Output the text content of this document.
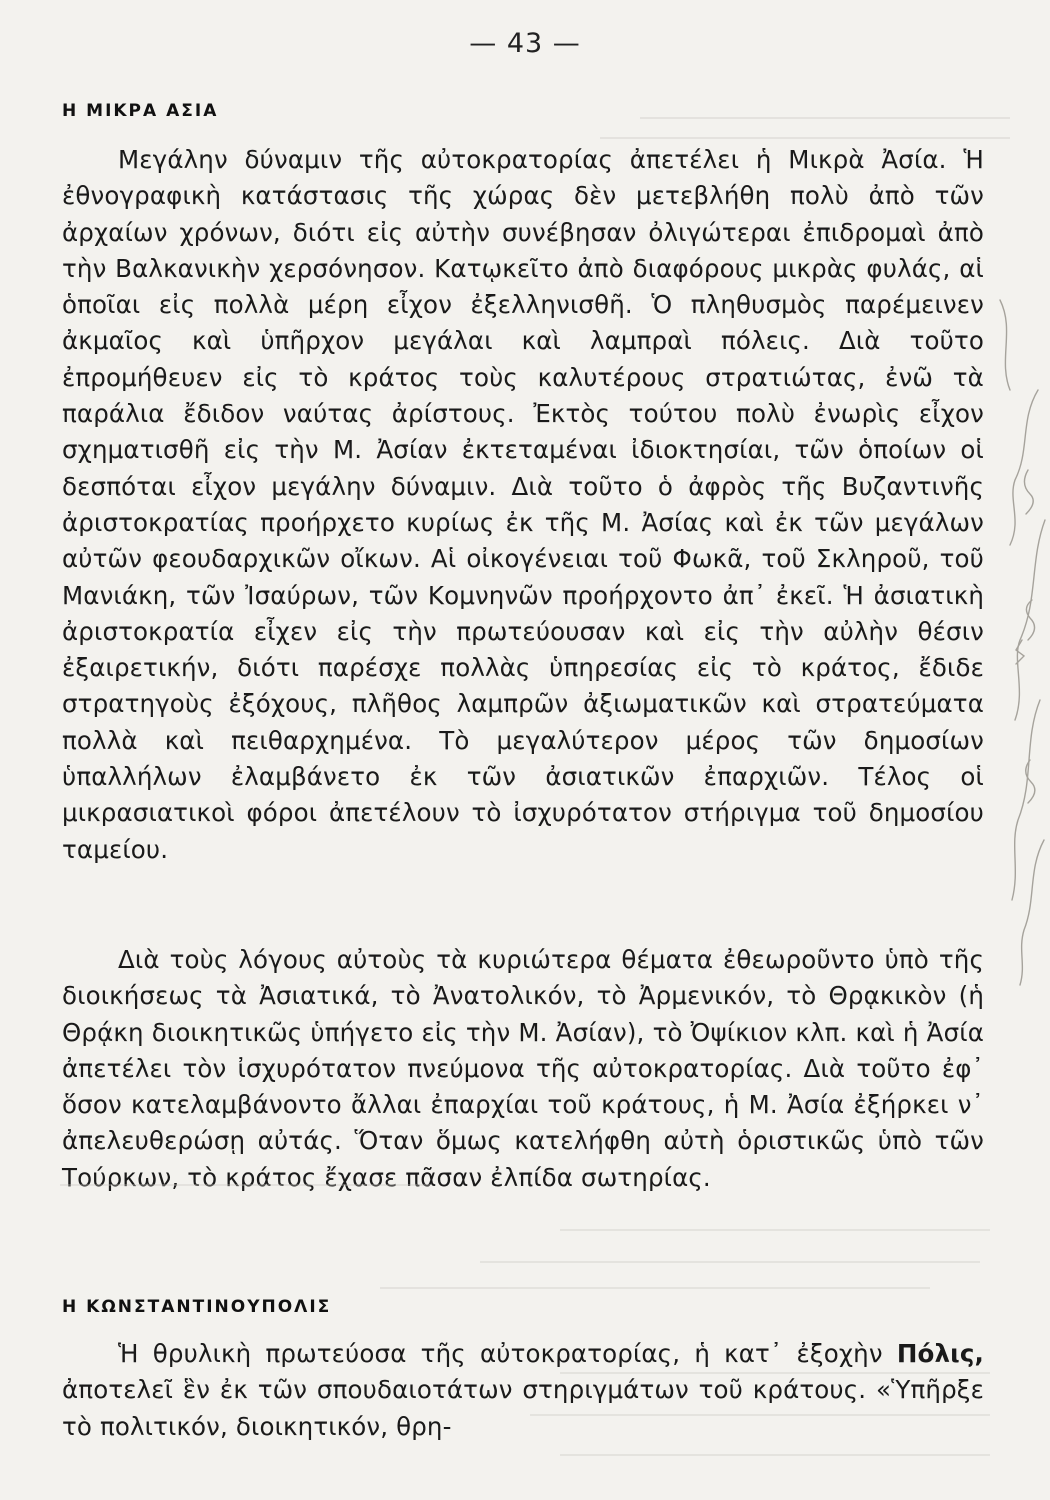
— 43 —
Η ΜΙΚΡΑ ΑΣΙΑ

Μεγάλην δύναμιν τῆς αὐτοκρατορίας ἀπετέλει ἡ Μικρὰ Ἀσία. Ἡ ἐθνογραφικὴ κατάστασις τῆς χώρας δὲν μετεβλήθη πολὺ ἀπὸ τῶν ἀρχαίων χρόνων, διότι εἰς αὐτὴν συνέβησαν ὀλιγώτεραι ἐπιδρομαὶ ἀπὸ τὴν Βαλκανικὴν χερσόνησον. Κατῳκεῖτο ἀπὸ διαφόρους μικρὰς φυλάς, αἱ ὁποῖαι εἰς πολλὰ μέρη εἶχον ἐξελληνισθῆ. Ὁ πληθυσμὸς παρέμεινεν ἀκμαῖος καὶ ὑπῆρχον μεγάλαι καὶ λαμπραὶ πόλεις. Διὰ τοῦτο ἐπρομήθευεν εἰς τὸ κράτος τοὺς καλυτέρους στρατιώτας, ἐνῶ τὰ παράλια ἔδιδον ναύτας ἀρίστους. Ἐκτὸς τούτου πολὺ ἐνωρὶς εἶχον σχηματισθῆ εἰς τὴν Μ. Ἀσίαν ἐκτεταμέναι ἰδιοκτησίαι, τῶν ὁποίων οἱ δεσπόται εἶχον μεγάλην δύναμιν. Διὰ τοῦτο ὁ ἀφρὸς τῆς Βυζαντινῆς ἀριστοκρατίας προήρχετο κυρίως ἐκ τῆς Μ. Ἀσίας καὶ ἐκ τῶν μεγάλων αὐτῶν φεουδαρχικῶν οἴκων. Αἱ οἰκογένειαι τοῦ Φωκᾶ, τοῦ Σκληροῦ, τοῦ Μανιάκη, τῶν Ἰσαύρων, τῶν Κομνηνῶν προήρχοντο ἀπ᾽ ἐκεῖ. Ἡ ἀσιατικὴ ἀριστοκρατία εἶχεν εἰς τὴν πρωτεύουσαν καὶ εἰς τὴν αὐλὴν θέσιν ἐξαιρετικήν, διότι παρέσχε πολλὰς ὑπηρεσίας εἰς τὸ κράτος, ἔδιδε στρατηγοὺς ἐξόχους, πλῆθος λαμπρῶν ἀξιωματικῶν καὶ στρατεύματα πολλὰ καὶ πειθαρχημένα. Τὸ μεγαλύτερον μέρος τῶν δημοσίων ὑπαλλήλων ἐλαμβάνετο ἐκ τῶν ἀσιατικῶν ἐπαρχιῶν. Τέλος οἱ μικρασιατικοὶ φόροι ἀπετέλουν τὸ ἰσχυρότατον στήριγμα τοῦ δημοσίου ταμείου.

Διὰ τοὺς λόγους αὐτοὺς τὰ κυριώτερα θέματα ἐθεωροῦντο ὑπὸ τῆς διοικήσεως τὰ Ἀσιατικά, τὸ Ἀνατολικόν, τὸ Ἀρμενικόν, τὸ Θρᾳκικὸν (ἡ Θρᾴκη διοικητικῶς ὑπήγετο εἰς τὴν Μ. Ἀσίαν), τὸ Ὀψίκιον κλπ. καὶ ἡ Ἀσία ἀπετέλει τὸν ἰσχυρότατον πνεύμονα τῆς αὐτοκρατορίας. Διὰ τοῦτο ἐφ᾽ ὅσον κατελαμβάνοντο ἄλλαι ἐπαρχίαι τοῦ κράτους, ἡ Μ. Ἀσία ἐξήρκει ν᾽ ἀπελευθερώσῃ αὐτάς. Ὅταν ὅμως κατελήφθη αὐτὴ ὁριστικῶς ὑπὸ τῶν Τούρκων, τὸ κράτος ἔχασε πᾶσαν ἐλπίδα σωτηρίας.

Η ΚΩΝΣΤΑΝΤΙΝΟΥΠΟΛΙΣ

Ἡ θρυλικὴ πρωτεύοσα τῆς αὐτοκρατορίας, ἡ κατ᾽ ἐξοχὴν Πόλις, ἀποτελεῖ ἓν ἐκ τῶν σπουδαιοτάτων στηριγμάτων τοῦ κράτους. «Ὑπῆρξε τὸ πολιτικόν, διοικητικόν, θρη-
